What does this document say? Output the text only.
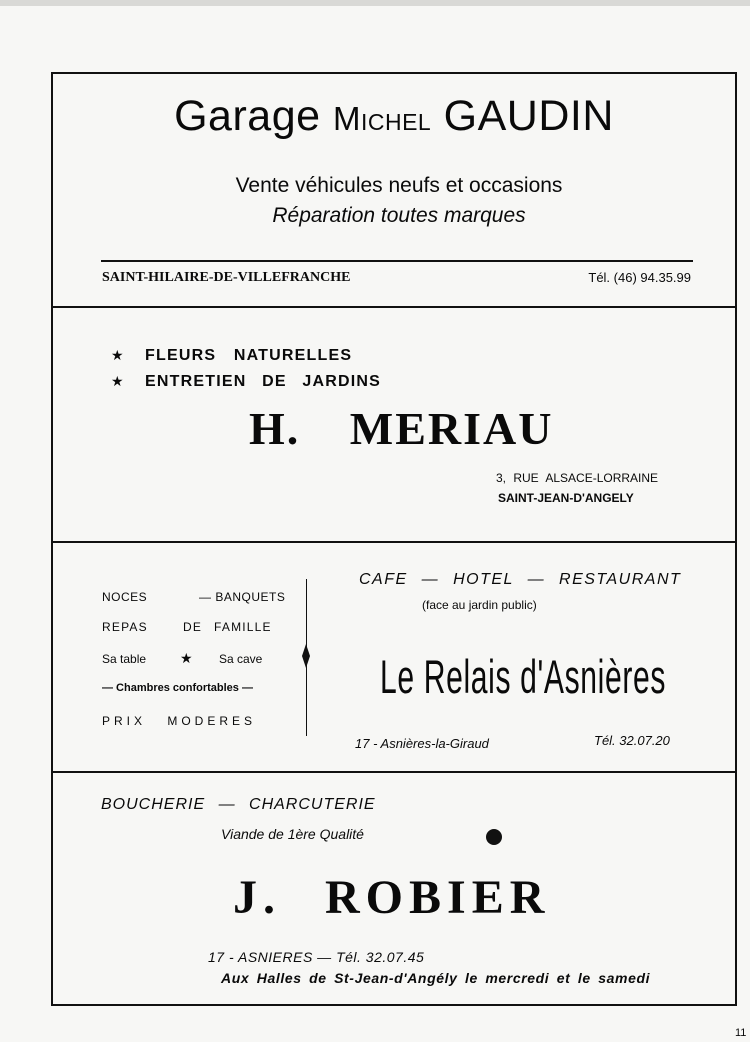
Garage Michel GAUDIN
Vente véhicules neufs et occasions
Réparation toutes marques
SAINT-HILAIRE-DE-VILLEFRANCHE	Tél. (46) 94.35.99
★ FLEURS NATURELLES
★ ENTRETIEN DE JARDINS
H. MERIAU
3, RUE ALSACE-LORRAINE
SAINT-JEAN-D'ANGELY
NOCES	— BANQUETS
REPAS	DE FAMILLE
Sa table ★ Sa cave
— Chambres confortables —
PRIX MODERES
CAFE — HOTEL — RESTAURANT
(face au jardin public)
Le Relais d'Asnières
17 - Asnières-la-Giraud	Tél. 32.07.20
BOUCHERIE — CHARCUTERIE
Viande de 1ère Qualité
J. ROBIER
17 - ASNIERES — Tél. 32.07.45
Aux Halles de St-Jean-d'Angély le mercredi et le samedi
11
